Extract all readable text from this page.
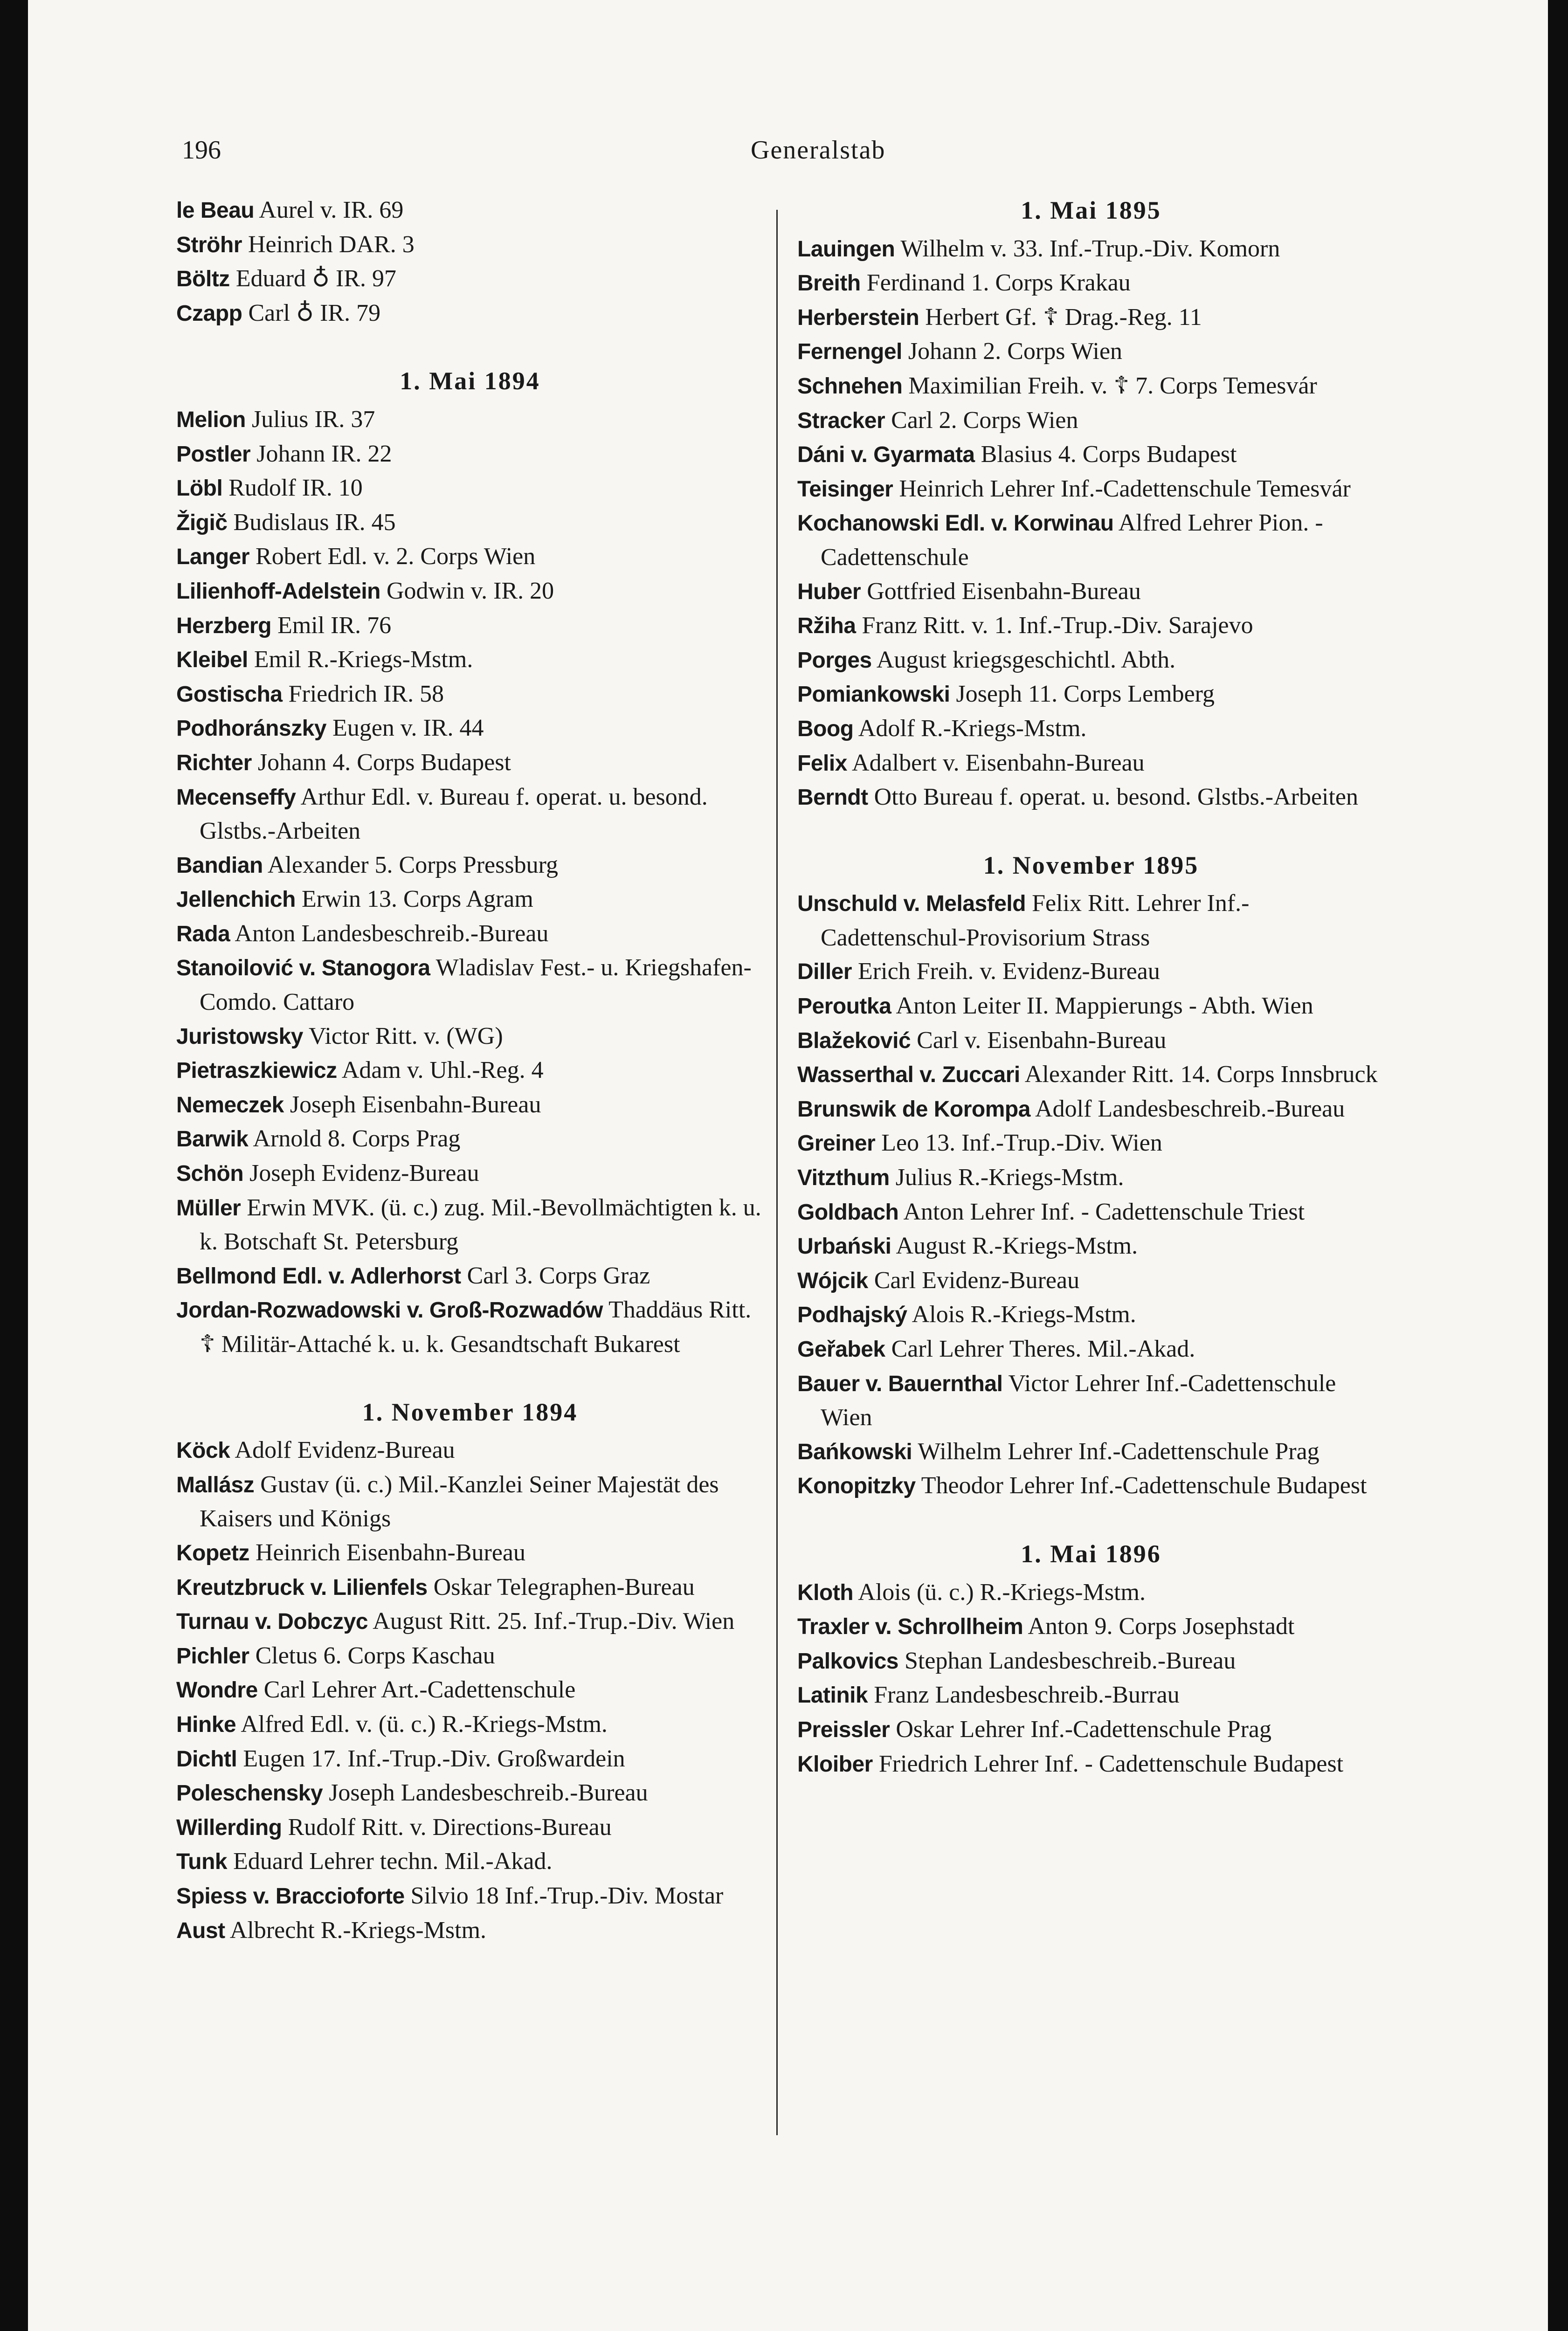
196	Generalstab
le Beau Aurel v. IR. 69
Ströhr Heinrich DAR. 3
Böltz Eduard ♁ IR. 97
Czapp Carl ♁ IR. 79
1. Mai 1894
Melion Julius IR. 37
Postler Johann IR. 22
Löbl Rudolf IR. 10
Žigič Budislaus IR. 45
Langer Robert Edl. v. 2. Corps Wien
Lilienhoff-Adelstein Godwin v. IR. 20
Herzberg Emil IR. 76
Kleibel Emil R.-Kriegs-Mstm.
Gostischa Friedrich IR. 58
Podhoránszky Eugen v. IR. 44
Richter Johann 4. Corps Budapest
Mecenseffy Arthur Edl. v. Bureau f. operat. u. besond. Glstbs.-Arbeiten
Bandian Alexander 5. Corps Pressburg
Jellenchich Erwin 13. Corps Agram
Rada Anton Landesbeschreib.-Bureau
Stanoilović v. Stanogora Wladislav Fest.- u. Kriegshafen-Comdo. Cattaro
Juristowsky Victor Ritt. v. (WG)
Pietraszkiewicz Adam v. Uhl.-Reg. 4
Nemeczek Joseph Eisenbahn-Bureau
Barwik Arnold 8. Corps Prag
Schön Joseph Evidenz-Bureau
Müller Erwin MVK. (ü. c.) zug. Mil.-Bevollmächtigten k. u. k. Botschaft St. Petersburg
Bellmond Edl. v. Adlerhorst Carl 3. Corps Graz
Jordan-Rozwadowski v. Groß-Rozwadów Thaddäus Ritt. ☦ Militär-Attaché k. u. k. Gesandtschaft Bukarest
1. November 1894
Köck Adolf Evidenz-Bureau
Mallász Gustav (ü. c.) Mil.-Kanzlei Seiner Majestät des Kaisers und Königs
Kopetz Heinrich Eisenbahn-Bureau
Kreutzbruck v. Lilienfels Oskar Telegraphen-Bureau
Turnau v. Dobczyc August Ritt. 25. Inf.-Trup.-Div. Wien
Pichler Cletus 6. Corps Kaschau
Wondre Carl Lehrer Art.-Cadettenschule
Hinke Alfred Edl. v. (ü. c.) R.-Kriegs-Mstm.
Dichtl Eugen 17. Inf.-Trup.-Div. Großwardein
Poleschensky Joseph Landesbeschreib.-Bureau
Willerding Rudolf Ritt. v. Directions-Bureau
Tunk Eduard Lehrer techn. Mil.-Akad.
Spiess v. Braccioforte Silvio 18 Inf.-Trup.-Div. Mostar
Aust Albrecht R.-Kriegs-Mstm.
1. Mai 1895
Lauingen Wilhelm v. 33. Inf.-Trup.-Div. Komorn
Breith Ferdinand 1. Corps Krakau
Herberstein Herbert Gf. ☦ Drag.-Reg. 11
Fernengel Johann 2. Corps Wien
Schnehen Maximilian Freih. v. ☦ 7. Corps Temesvár
Stracker Carl 2. Corps Wien
Dáni v. Gyarmata Blasius 4. Corps Budapest
Teisinger Heinrich Lehrer Inf.-Cadettenschule Temesvár
Kochanowski Edl. v. Korwinau Alfred Lehrer Pion. - Cadettenschule
Huber Gottfried Eisenbahn-Bureau
Ržiha Franz Ritt. v. 1. Inf.-Trup.-Div. Sarajevo
Porges August kriegsgeschichtl. Abth.
Pomiankowski Joseph 11. Corps Lemberg
Boog Adolf R.-Kriegs-Mstm.
Felix Adalbert v. Eisenbahn-Bureau
Berndt Otto Bureau f. operat. u. besond. Glstbs.-Arbeiten
1. November 1895
Unschuld v. Melasfeld Felix Ritt. Lehrer Inf.-Cadettenschul-Provisorium Strass
Diller Erich Freih. v. Evidenz-Bureau
Peroutka Anton Leiter II. Mappierungs - Abth. Wien
Blažeković Carl v. Eisenbahn-Bureau
Wasserthal v. Zuccari Alexander Ritt. 14. Corps Innsbruck
Brunswik de Korompa Adolf Landesbeschreib.-Bureau
Greiner Leo 13. Inf.-Trup.-Div. Wien
Vitzthum Julius R.-Kriegs-Mstm.
Goldbach Anton Lehrer Inf. - Cadettenschule Triest
Urbański August R.-Kriegs-Mstm.
Wójcik Carl Evidenz-Bureau
Podhajský Alois R.-Kriegs-Mstm.
Geřabek Carl Lehrer Theres. Mil.-Akad.
Bauer v. Bauernthal Victor Lehrer Inf.-Cadettenschule Wien
Bańkowski Wilhelm Lehrer Inf.-Cadettenschule Prag
Konopitzky Theodor Lehrer Inf.-Cadettenschule Budapest
1. Mai 1896
Kloth Alois (ü. c.) R.-Kriegs-Mstm.
Traxler v. Schrollheim Anton 9. Corps Josephstadt
Palkovics Stephan Landesbeschreib.-Bureau
Latinik Franz Landesbeschreib.-Burrau
Preissler Oskar Lehrer Inf.-Cadettenschule Prag
Kloiber Friedrich Lehrer Inf. - Cadettenschule Budapest
